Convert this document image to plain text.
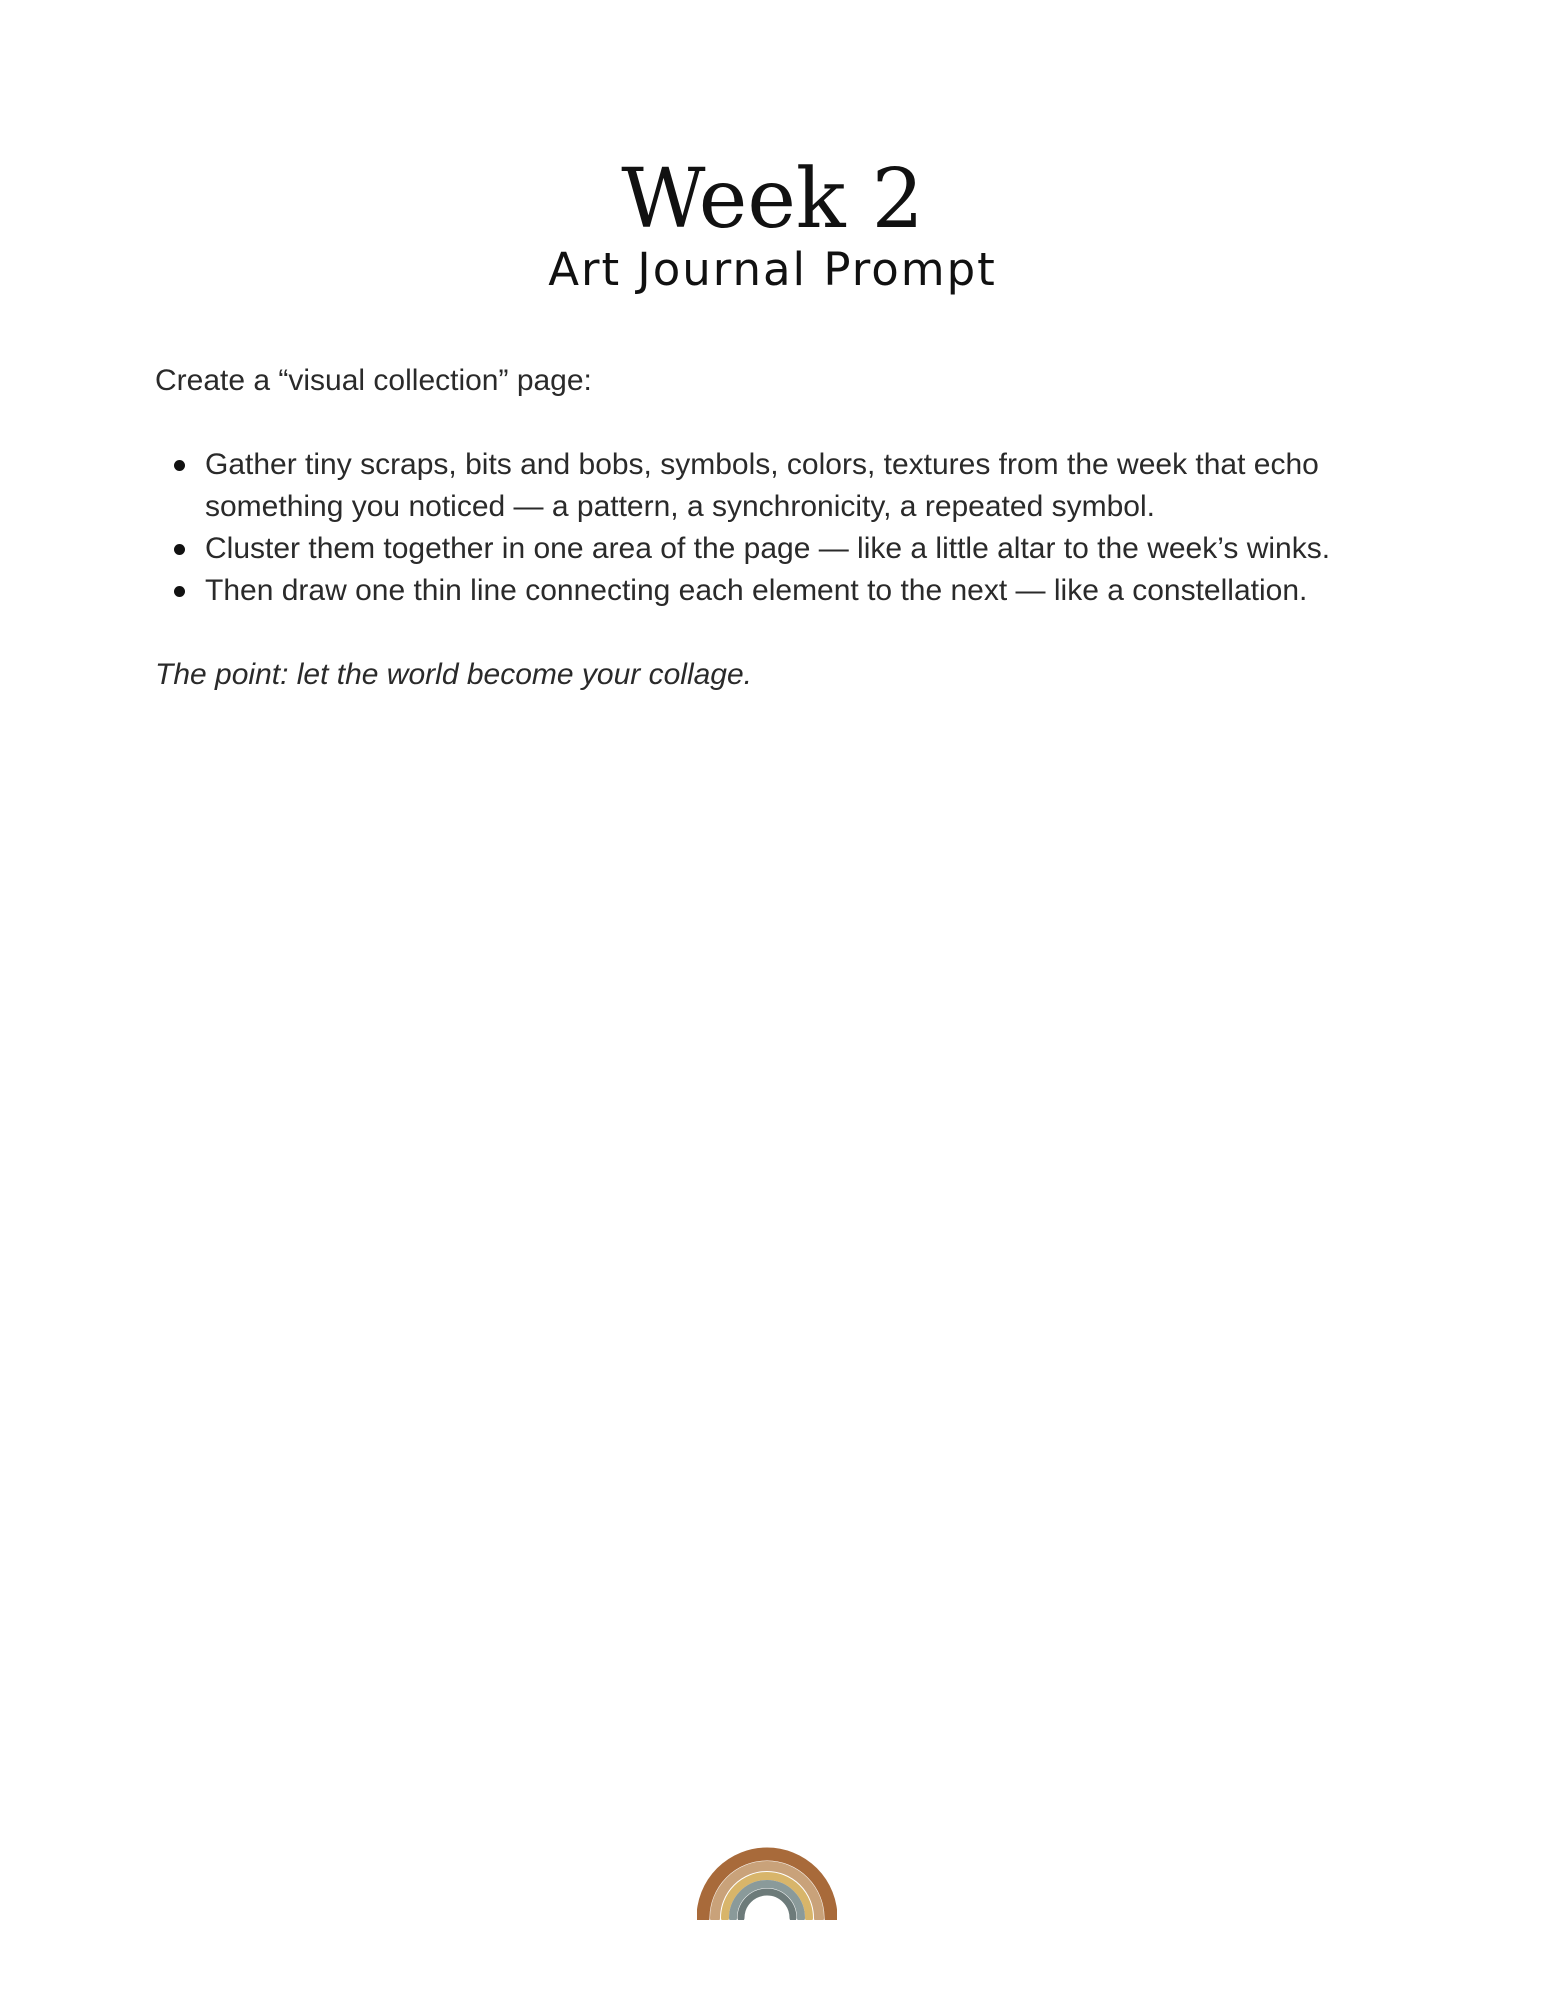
Week 2
Art Journal Prompt

Create a “visual collection” page:

Gather tiny scraps, bits and bobs, symbols, colors, textures from the week that echo something you noticed — a pattern, a synchronicity, a repeated symbol.
Cluster them together in one area of the page — like a little altar to the week’s winks.
Then draw one thin line connecting each element to the next — like a constellation.

The point: let the world become your collage.
